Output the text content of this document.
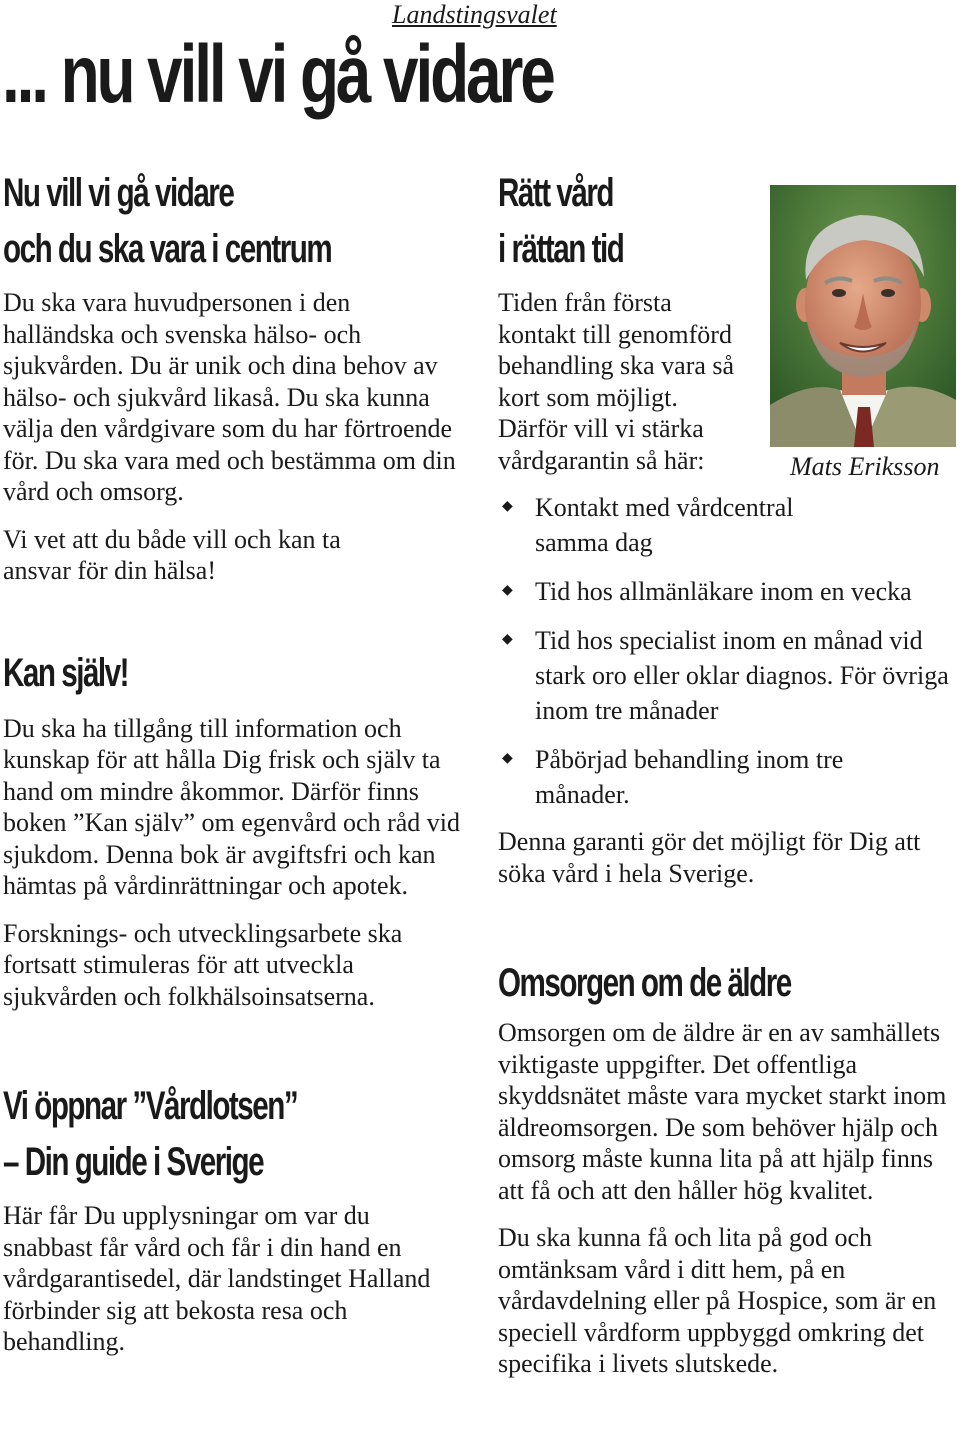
Landstingsvalet
... nu vill vi gå vidare
Nu vill vi gå vidare
och du ska vara i centrum

Du ska vara huvudpersonen i den halländska och svenska hälso- och sjukvården. Du är unik och dina behov av hälso- och sjukvård likaså. Du ska kunna välja den vårdgivare som du har förtroende för. Du ska vara med och bestämma om din vård och omsorg.

Vi vet att du både vill och kan ta ansvar för din hälsa!

Kan själv!

Du ska ha tillgång till information och kunskap för att hålla Dig frisk och själv ta hand om mindre åkommor. Därför finns boken ”Kan själv” om egenvård och råd vid sjukdom. Denna bok är avgiftsfri och kan hämtas på vårdinrättningar och apotek.

Forsknings- och utvecklingsarbete ska fortsatt stimuleras för att utveckla sjukvården och folkhälsoinsatserna.

Vi öppnar ”Vårdlotsen”
– Din guide i Sverige

Här får Du upplysningar om var du snabbast får vård och får i din hand en vårdgarantisedel, där landstinget Halland förbinder sig att bekosta resa och behandling.

Rätt vård
i rättan tid

Tiden från första kontakt till genomförd behandling ska vara så kort som möjligt. Därför vill vi stärka vårdgarantin så här:

◆ Kontakt med vårdcentral samma dag
◆ Tid hos allmänläkare inom en vecka
◆ Tid hos specialist inom en månad vid stark oro eller oklar diagnos. För övriga inom tre månader
◆ Påbörjad behandling inom tre månader.

Denna garanti gör det möjligt för Dig att söka vård i hela Sverige.

Omsorgen om de äldre

Omsorgen om de äldre är en av samhällets viktigaste uppgifter. Det offentliga skyddsnätet måste vara mycket starkt inom äldreomsorgen. De som behöver hjälp och omsorg måste kunna lita på att hjälp finns att få och att den håller hög kvalitet.

Du ska kunna få och lita på god och omtänksam vård i ditt hem, på en vårdavdelning eller på Hospice, som är en speciell vårdform uppbyggd omkring det specifika i livets slutskede.

Mats Eriksson
